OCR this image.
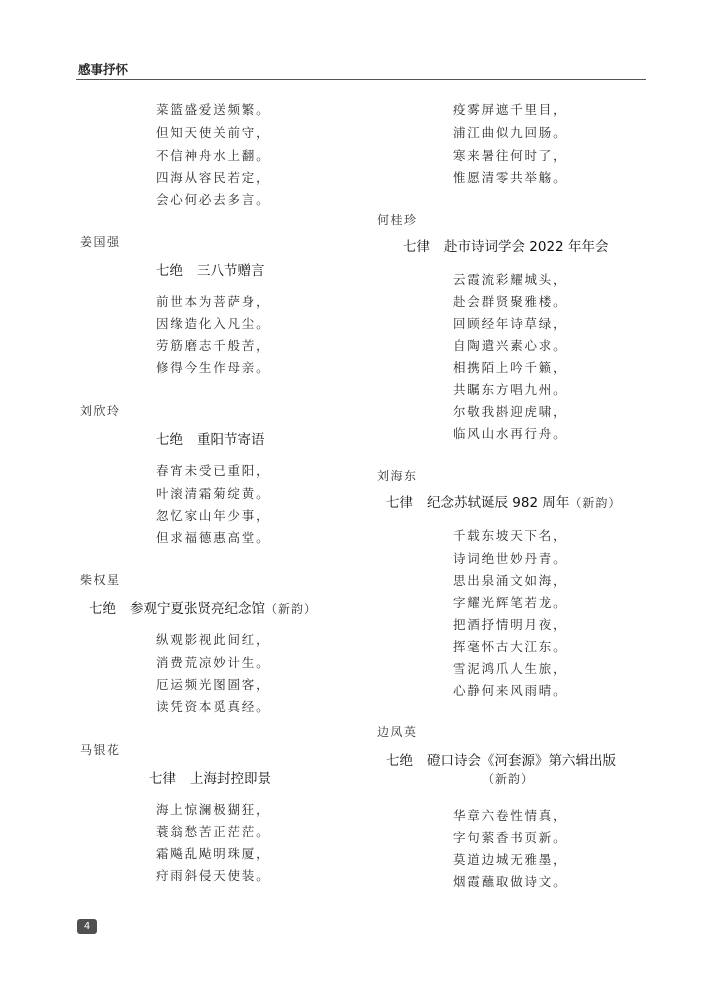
感事抒怀
菜篮盛爱送频繁。
但知天使关前守，
不信神舟水上翻。
四海从容民若定，
会心何必去多言。
姜国强
七绝 三八节赠言
前世本为菩萨身，
因缘造化入凡尘。
劳筋磨志千般苦，
修得今生作母亲。
刘欣玲
七绝 重阳节寄语
春宵未受已重阳，
叶滚清霜菊绽黄。
忽忆家山年少事，
但求福德惠高堂。
柴权星
七绝 参观宁夏张贤亮纪念馆（新韵）
纵观影视此间红，
消费荒凉妙计生。
厄运频光图圄客，
读凭资本觅真经。
马银花
七律 上海封控即景
海上惊澜极猢狂，
蓑翁愁苦正茫茫。
霜飚乱飐明珠厦，
疛雨斜侵天使装。
疫雾屏遮千里目，
浦江曲似九回肠。
寒来暑往何时了，
惟愿清零共举觞。
何桂珍
七律 赴市诗词学会 2022 年年会
云霞流彩耀城头，
赴会群贤聚雅楼。
回顾经年诗草绿，
自陶遣兴素心求。
相携陌上吟千籁，
共瞩东方唱九州。
尔敬我斟迎虎啸，
临风山水再行舟。
刘海东
七律 纪念苏轼诞辰 982 周年（新韵）
千载东坡天下名，
诗词绝世妙丹青。
思出泉涌文如海，
字耀光辉笔若龙。
把酒抒情明月夜，
挥毫怀古大江东。
雪泥鸿爪人生旅，
心静何来风雨晴。
边凤英
七绝 磴口诗会《河套源》第六辑出版
（新韵）
华章六卷性情真，
字句萦香书页新。
莫道边城无雅墨，
烟霞蘸取做诗文。
4
